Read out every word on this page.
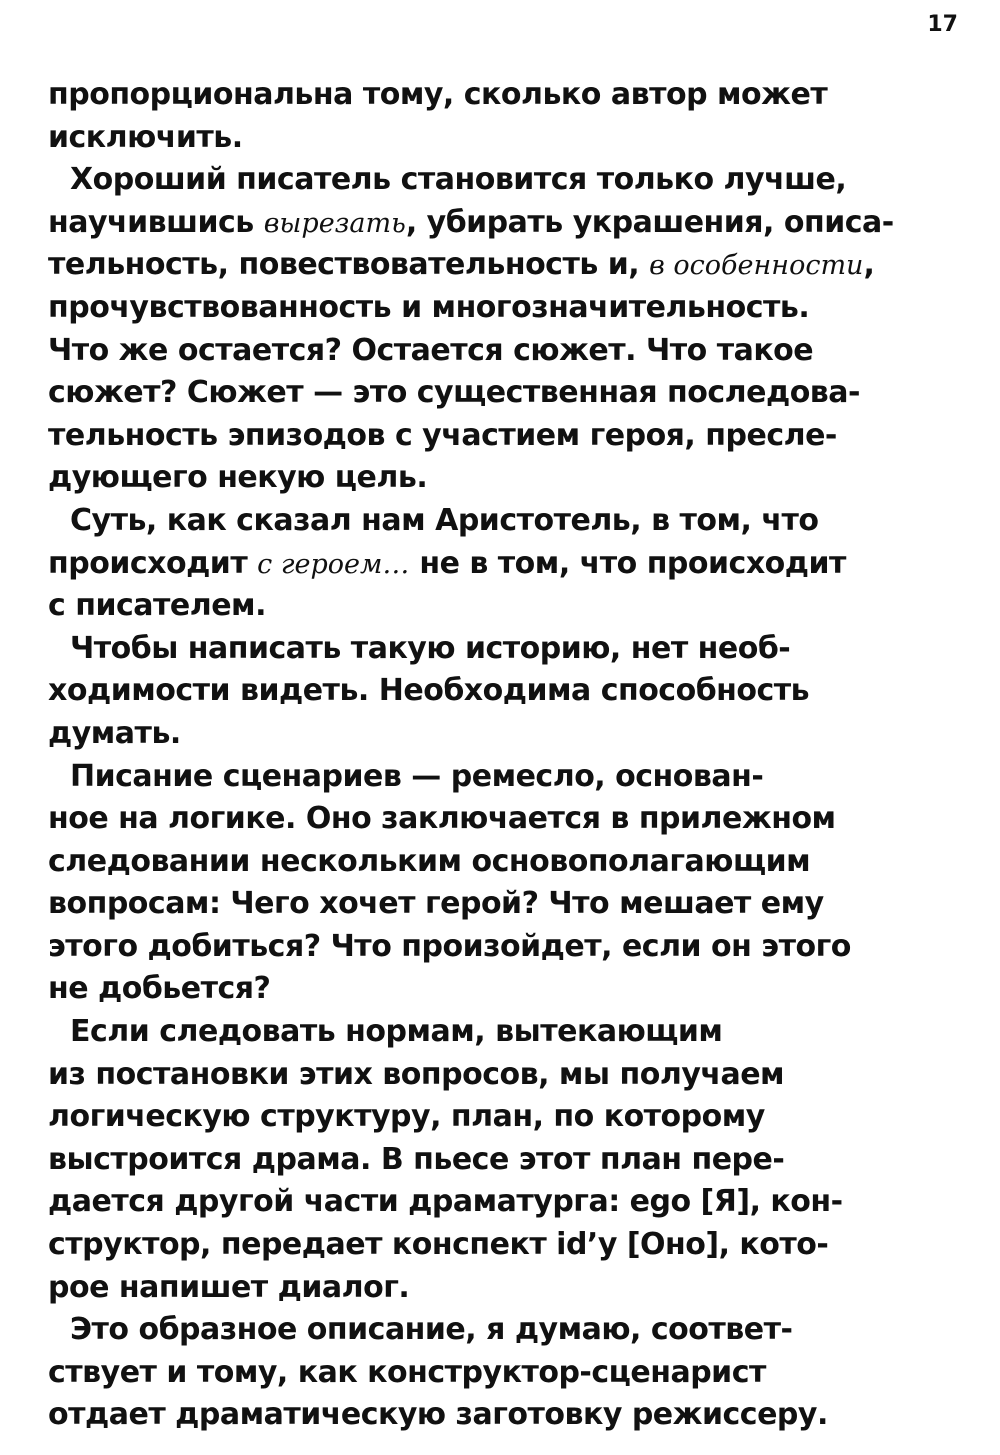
17
пропорциональна тому, сколько автор может
исключить.
Хороший писатель становится только лучше,
научившись вырезать, убирать украшения, описа-
тельность, повествовательность и, в особенности,
прочувствованность и многозначительность.
Что же остается? Остается сюжет. Что такое
сюжет? Сюжет — это существенная последова-
тельность эпизодов с участием героя, пресле-
дующего некую цель.
Суть, как сказал нам Аристотель, в том, что
происходит с героем… не в том, что происходит
с писателем.
Чтобы написать такую историю, нет необ-
ходимости видеть. Необходима способность
думать.
Писание сценариев — ремесло, основан-
ное на логике. Оно заключается в прилежном
следовании нескольким основополагающим
вопросам: Чего хочет герой? Что мешает ему
этого добиться? Что произойдет, если он этого
не добьется?
Если следовать нормам, вытекающим
из постановки этих вопросов, мы получаем
логическую структуру, план, по которому
выстроится драма. В пьесе этот план пере-
дается другой части драматурга: ego [Я], кон-
структор, передает конспект id’y [Оно], кото-
рое напишет диалог.
Это образное описание, я думаю, соответ-
ствует и тому, как конструктор-сценарист
отдает драматическую заготовку режиссеру.
